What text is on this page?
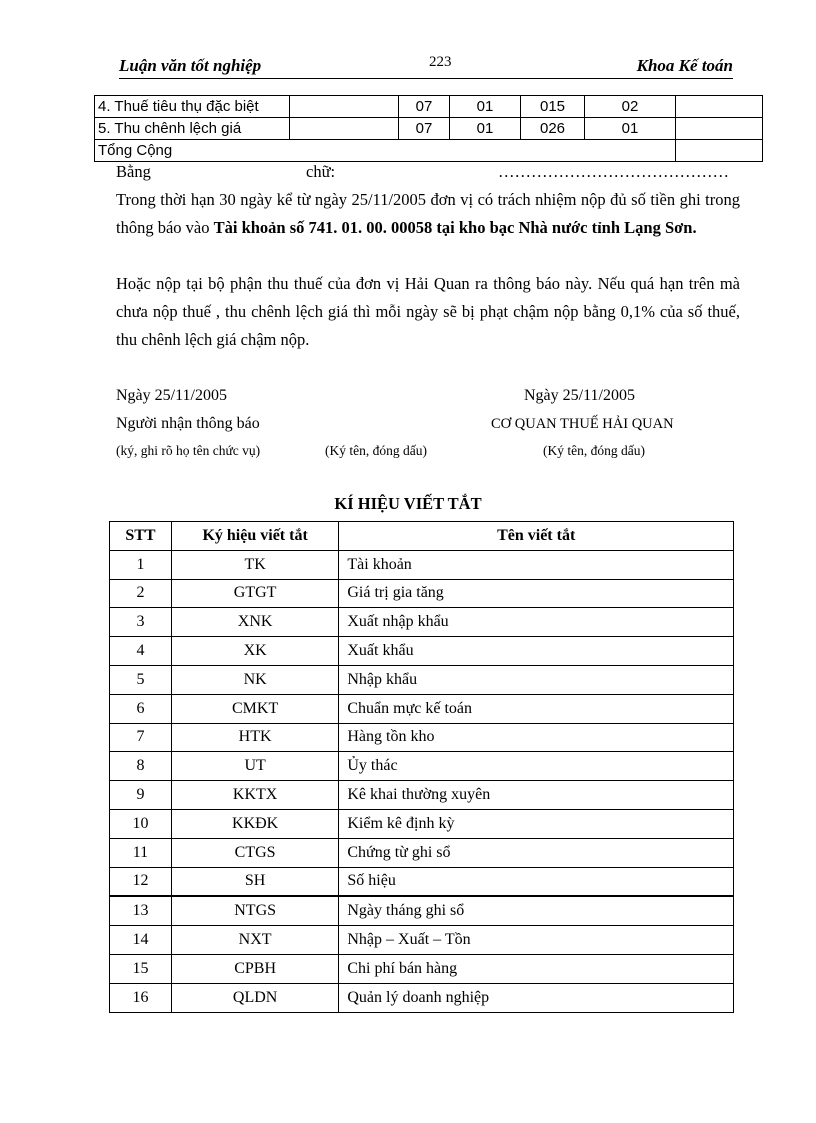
Luận văn tốt nghiệp	223	Khoa Kế toán
4. Thuế tiêu thụ đặc biệt		07	01	015	02	
5. Thu chênh lệch giá		07	01	026	01	
Tổng Cộng						
Bằng	chữ:	……………………………………
Trong thời hạn 30 ngày kể từ ngày 25/11/2005 đơn vị có trách nhiệm nộp đủ số tiền ghi trong thông báo vào Tài khoản số 741. 01. 00. 00058 tại kho bạc Nhà nước tỉnh Lạng Sơn.
Hoặc nộp tại bộ phận thu thuế của đơn vị Hải Quan ra thông báo này. Nếu quá hạn trên mà chưa nộp thuế , thu chênh lệch giá thì mỗi ngày sẽ bị phạt chậm nộp bằng 0,1% của số thuế, thu chênh lệch giá chậm nộp.
Ngày 25/11/2005	Ngày 25/11/2005
Người nhận thông báo	CƠ QUAN THUẾ HẢI QUAN
(ký, ghi rõ họ tên chức vụ)	(Ký tên, đóng dấu)	(Ký tên, đóng dấu)
KÍ HIỆU VIẾT TẮT
STT	Ký hiệu viết tắt	Tên viết tắt
1	TK	Tài khoản
2	GTGT	Giá trị gia tăng
3	XNK	Xuất nhập khẩu
4	XK	Xuất khẩu
5	NK	Nhập khẩu
6	CMKT	Chuẩn mực kế toán
7	HTK	Hàng tồn kho
8	UT	Ủy thác
9	KKTX	Kê khai thường xuyên
10	KKĐK	Kiểm kê định kỳ
11	CTGS	Chứng từ ghi sổ
12	SH	Số hiệu
13	NTGS	Ngày tháng ghi sổ
14	NXT	Nhập – Xuất – Tồn
15	CPBH	Chi phí bán hàng
16	QLDN	Quản lý doanh nghiệp
